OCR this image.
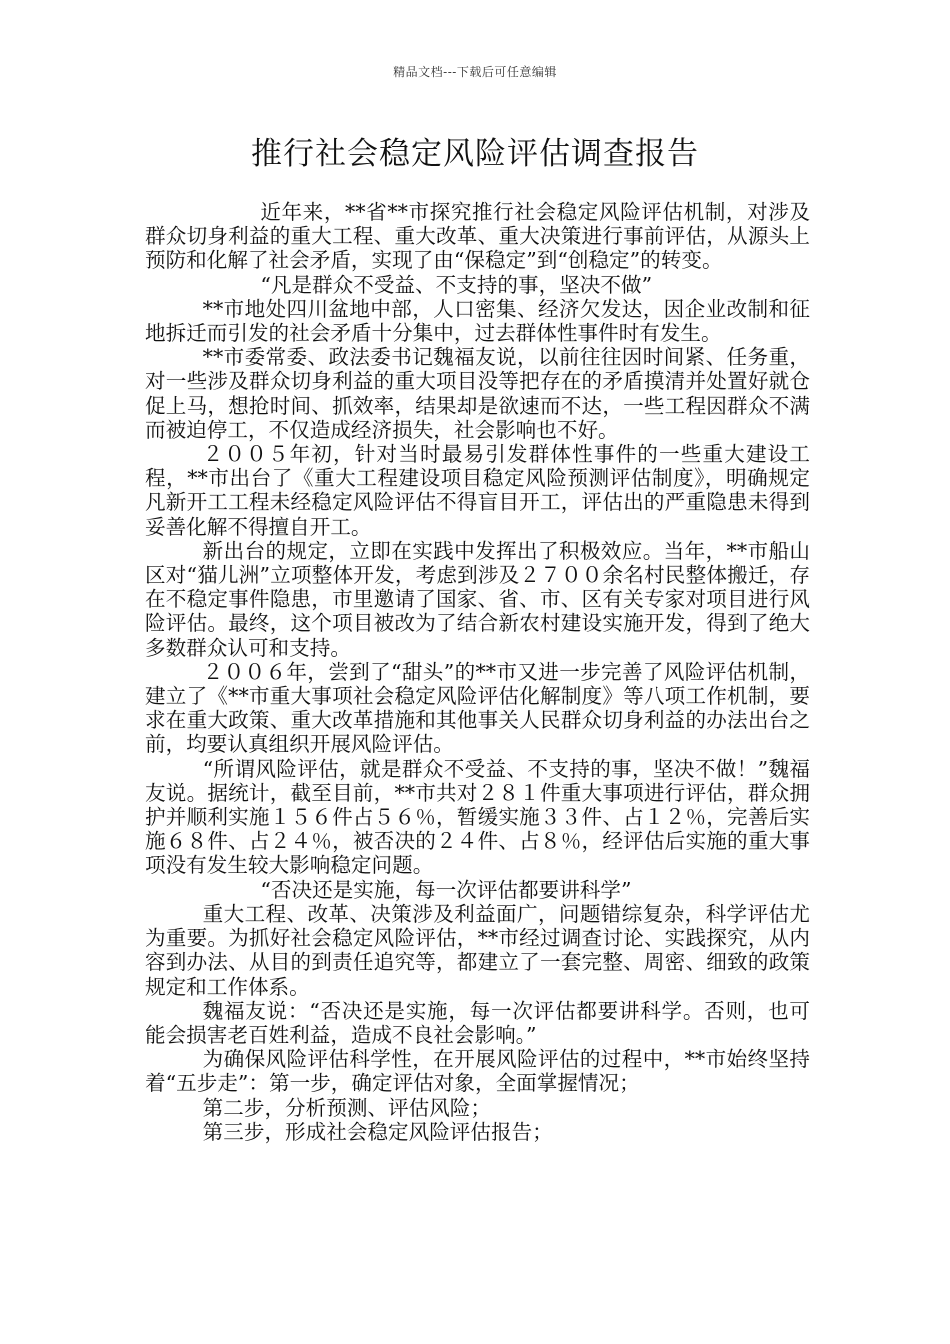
精品文档---下载后可任意编辑
推行社会稳定风险评估调查报告

近年来，**省**市探究推行社会稳定风险评估机制，对涉及群众切身利益的重大工程、重大改革、重大决策进行事前评估，从源头上预防和化解了社会矛盾，实现了由“保稳定”到“创稳定”的转变。

“凡是群众不受益、不支持的事，坚决不做”

**市地处四川盆地中部，人口密集、经济欠发达，因企业改制和征地拆迁而引发的社会矛盾十分集中，过去群体性事件时有发生。

**市委常委、政法委书记魏福友说，以前往往因时间紧、任务重，对一些涉及群众切身利益的重大项目没等把存在的矛盾摸清并处置好就仓促上马，想抢时间、抓效率，结果却是欲速而不达，一些工程因群众不满而被迫停工，不仅造成经济损失，社会影响也不好。

２００５年初，针对当时最易引发群体性事件的一些重大建设工程，**市出台了《重大工程建设项目稳定风险预测评估制度》，明确规定凡新开工工程未经稳定风险评估不得盲目开工，评估出的严重隐患未得到妥善化解不得擅自开工。

新出台的规定，立即在实践中发挥出了积极效应。当年，**市船山区对“猫儿洲”立项整体开发，考虑到涉及２７００余名村民整体搬迁，存在不稳定事件隐患，市里邀请了国家、省、市、区有关专家对项目进行风险评估。最终，这个项目被改为了结合新农村建设实施开发，得到了绝大多数群众认可和支持。

２００６年，尝到了“甜头”的**市又进一步完善了风险评估机制，建立了《**市重大事项社会稳定风险评估化解制度》等八项工作机制，要求在重大政策、重大改革措施和其他事关人民群众切身利益的办法出台之前，均要认真组织开展风险评估。

“所谓风险评估，就是群众不受益、不支持的事，坚决不做！”魏福友说。据统计，截至目前，**市共对２８１件重大事项进行评估，群众拥护并顺利实施１５６件占５６％，暂缓实施３３件、占１２％，完善后实施６８件、占２４％，被否决的２４件、占８％，经评估后实施的重大事项没有发生较大影响稳定问题。

“否决还是实施，每一次评估都要讲科学”

重大工程、改革、决策涉及利益面广，问题错综复杂，科学评估尤为重要。为抓好社会稳定风险评估，**市经过调查讨论、实践探究，从内容到办法、从目的到责任追究等，都建立了一套完整、周密、细致的政策规定和工作体系。

魏福友说：“否决还是实施，每一次评估都要讲科学。否则，也可能会损害老百姓利益，造成不良社会影响。”

为确保风险评估科学性，在开展风险评估的过程中，**市始终坚持着“五步走”：第一步，确定评估对象，全面掌握情况；

第二步，分析预测、评估风险；

第三步，形成社会稳定风险评估报告；
